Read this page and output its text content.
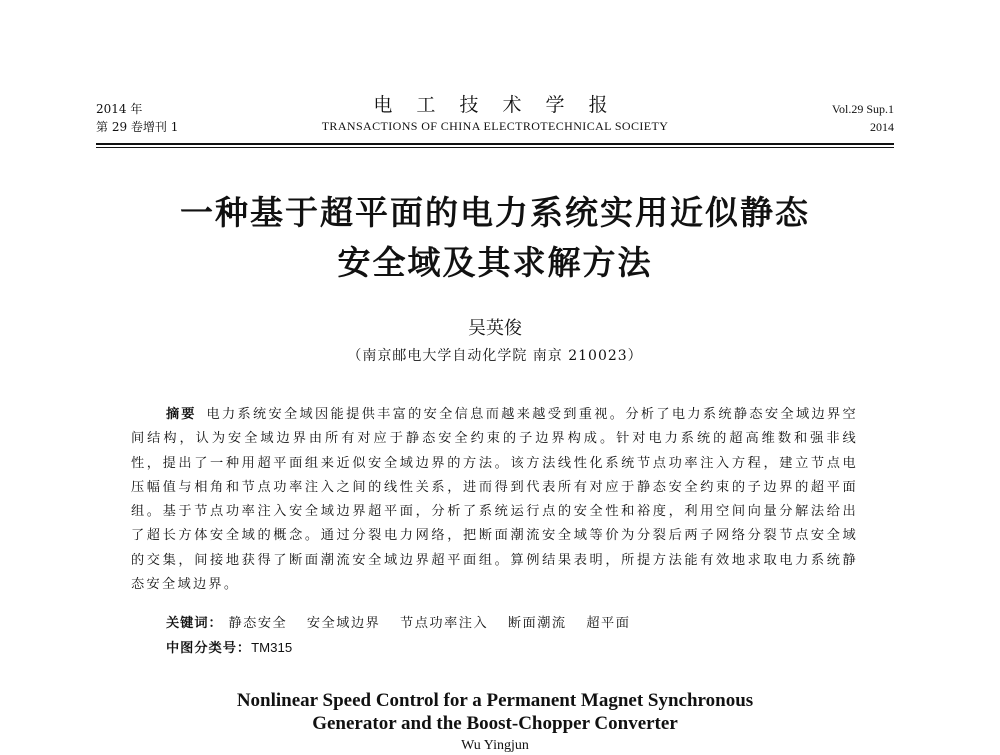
2014 年
第 29 卷增刊 1
电 工 技 术 学 报
TRANSACTIONS OF CHINA ELECTROTECHNICAL SOCIETY
Vol.29 Sup.1
2014
一种基于超平面的电力系统实用近似静态
安全域及其求解方法
吴英俊
（南京邮电大学自动化学院 南京 210023）
摘要 电力系统安全域因能提供丰富的安全信息而越来越受到重视。分析了电力系统静态安全域边界空间结构，认为安全域边界由所有对应于静态安全约束的子边界构成。针对电力系统的超高维数和强非线性，提出了一种用超平面组来近似安全域边界的方法。该方法线性化系统节点功率注入方程，建立节点电压幅值与相角和节点功率注入之间的线性关系，进而得到代表所有对应于静态安全约束的子边界的超平面组。基于节点功率注入安全域边界超平面，分析了系统运行点的安全性和裕度，利用空间向量分解法给出了超长方体安全域的概念。通过分裂电力网络，把断面潮流安全域等价为分裂后两子网络分裂节点安全域的交集，间接地获得了断面潮流安全域边界超平面组。算例结果表明，所提方法能有效地求取电力系统静态安全域边界。
关键词： 静态安全 安全域边界 节点功率注入 断面潮流 超平面
中图分类号：TM315
Nonlinear Speed Control for a Permanent Magnet Synchronous
Generator and the Boost-Chopper Converter
Wu Yingjun
